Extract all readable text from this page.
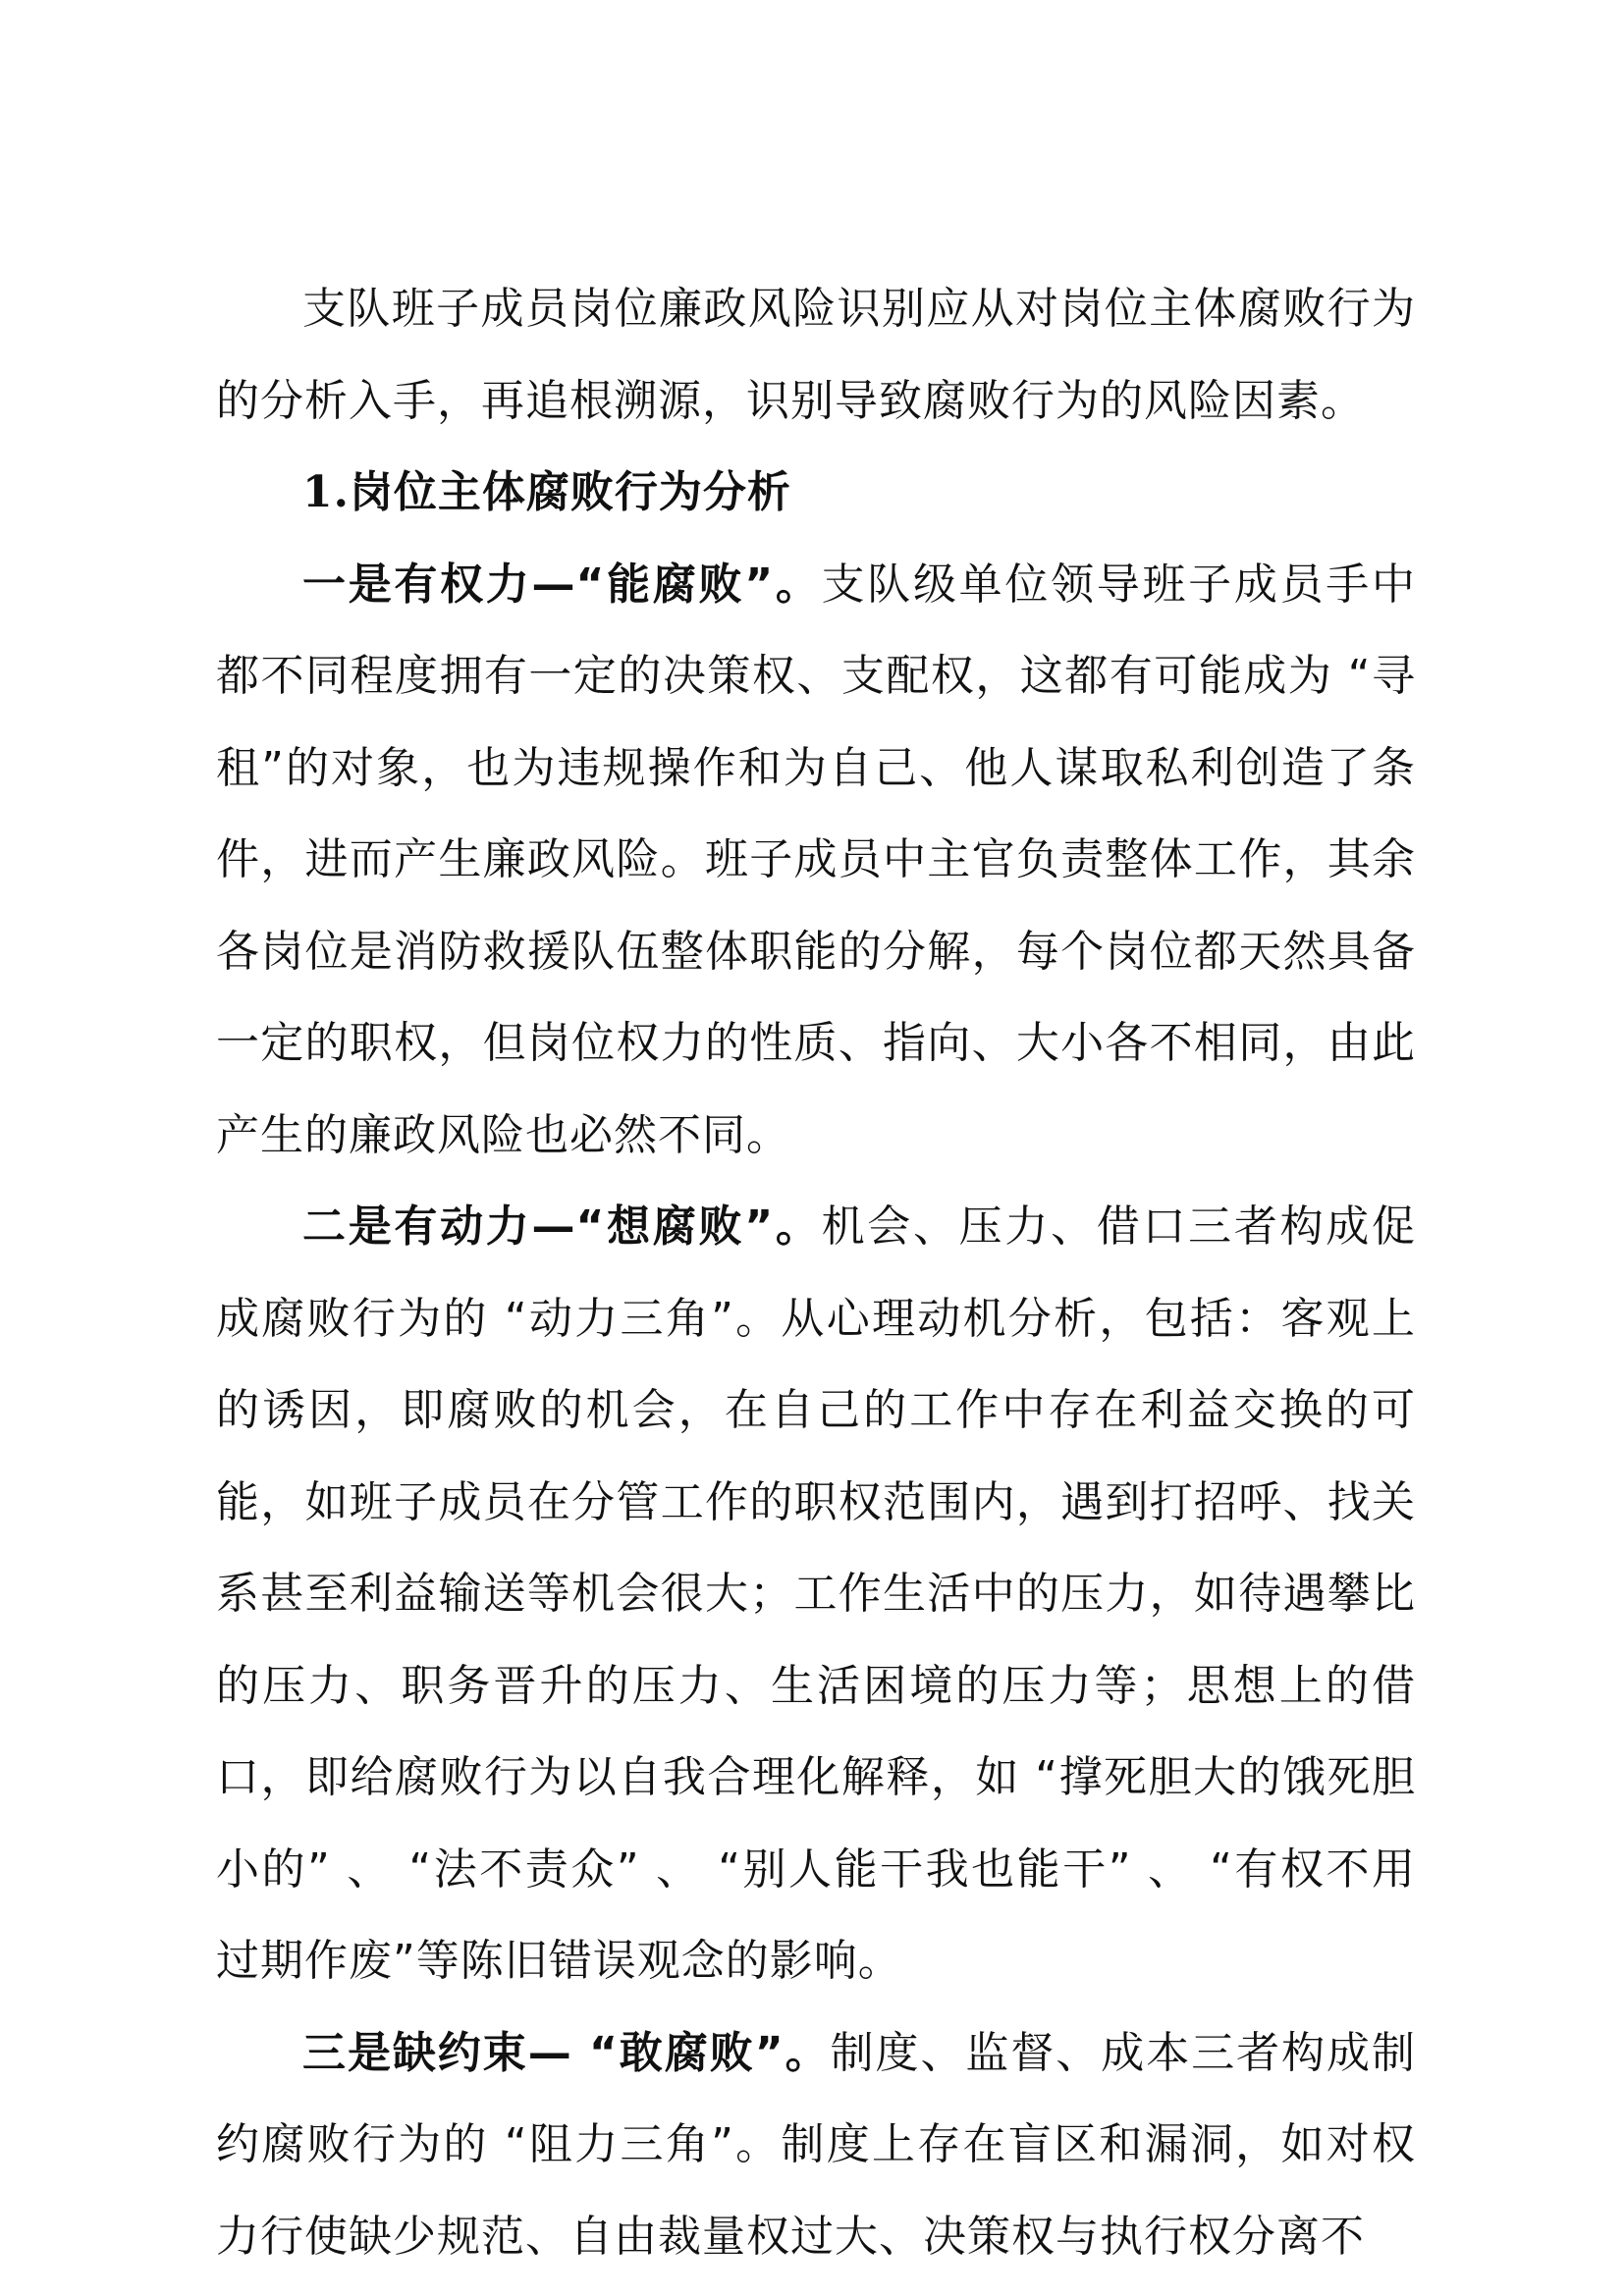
支队班子成员岗位廉政风险识别应从对岗位主体腐败行为的分析入手，再追根溯源，识别导致腐败行为的风险因素。

1.岗位主体腐败行为分析

一是有权力—“能腐败”。支队级单位领导班子成员手中都不同程度拥有一定的决策权、支配权，这都有可能成为 “寻租”的对象，也为违规操作和为自己、他人谋取私利创造了条件，进而产生廉政风险。班子成员中主官负责整体工作，其余各岗位是消防救援队伍整体职能的分解，每个岗位都天然具备一定的职权，但岗位权力的性质、指向、大小各不相同，由此产生的廉政风险也必然不同。

二是有动力—“想腐败”。机会、压力、借口三者构成促成腐败行为的 “动力三角”。从心理动机分析，包括：客观上的诱因，即腐败的机会，在自己的工作中存在利益交换的可能，如班子成员在分管工作的职权范围内，遇到打招呼、找关系甚至利益输送等机会很大；工作生活中的压力，如待遇攀比的压力、职务晋升的压力、生活困境的压力等；思想上的借口，即给腐败行为以自我合理化解释，如 “撑死胆大的饿死胆小的” 、 “法不责众” 、 “别人能干我也能干” 、 “有权不用过期作废”等陈旧错误观念的影响。

三是缺约束— “敢腐败”。制度、监督、成本三者构成制约腐败行为的 “阻力三角”。制度上存在盲区和漏洞，如对权力行使缺少规范、自由裁量权过大、决策权与执行权分离不
